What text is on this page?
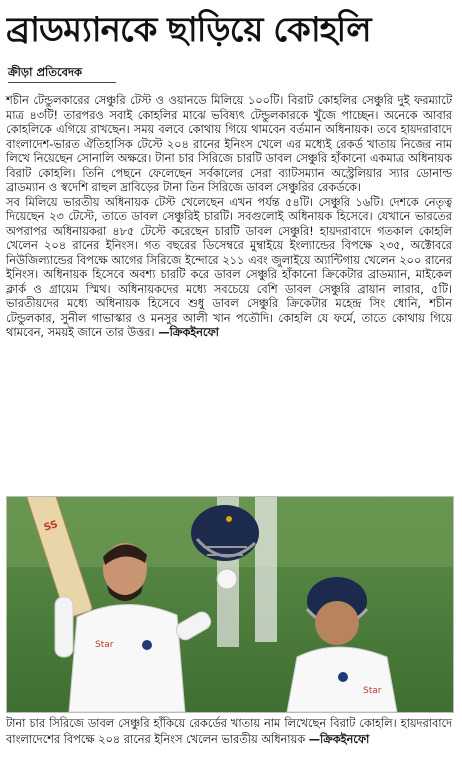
ব্রাডম্যানকে ছাড়িয়ে কোহলি
ক্রীড়া প্রতিবেদক

শচীন টেন্ডুলকারের সেঞ্চুরি টেস্ট ও ওয়ানডে মিলিয়ে ১০০টি। বিরাট কোহলির সেঞ্চুরি দুই ফরম্যাটে মাত্র ৪৩টি! তারপরও সবাই কোহলির মাঝে ভবিষ্যৎ টেন্ডুলকারকে খুঁজে পাচ্ছেন। অনেকে আবার কোহলিকে এগিয়ে রাখছেন। সময় বলবে কোথায় গিয়ে থামবেন বর্তমান অধিনায়ক। তবে হায়দরাবাদে বাংলাদেশ-ভারত ঐতিহাসিক টেস্টে ২০৪ রানের ইনিংস খেলে এর মধ্যেই রেকর্ড খাতায় নিজের নাম লিখে নিয়েছেন সোনালি অক্ষরে। টানা চার সিরিজে চারটি ডাবল সেঞ্চুরি হাঁকানো একমাত্র অধিনায়ক বিরাট কোহলি। তিনি পেছনে ফেলেছেন সর্বকালের সেরা ব্যাটসম্যান অস্ট্রেলিয়ার স্যার ডোনাল্ড ব্রাডম্যান ও স্বদেশি রাহুল দ্রাবিড়ের টানা তিন সিরিজে ডাবল সেঞ্চুরির রেকর্ডকে।

সব মিলিয়ে ভারতীয় অধিনায়ক টেস্ট খেলেছেন এখন পর্যন্ত ৫৪টি। সেঞ্চুরি ১৬টি। দেশকে নেতৃত্ব দিয়েছেন ২৩ টেস্টে, তাতে ডাবল সেঞ্চুরিই চারটি। সবগুলোই অধিনায়ক হিসেবে। যেখানে ভারতের অপরাপর অধিনায়করা ৪৮৫ টেস্টে করেছেন চারটি ডাবল সেঞ্চুরি! হায়দরাবাদে গতকাল কোহলি খেলেন ২০৪ রানের ইনিংস। গত বছরের ডিসেম্বরে মুম্বাইয়ে ইংল্যান্ডের বিপক্ষে ২৩৫, অক্টোবরে নিউজিল্যান্ডের বিপক্ষে আগের সিরিজে ইন্দোরে ২১১ এবং জুলাইয়ে অ্যান্টিগায় খেলেন ২০০ রানের ইনিংস। অধিনায়ক হিসেবে অবশ্য চারটি করে ডাবল সেঞ্চুরি হাঁকানো ক্রিকেটার ব্রাডম্যান, মাইকেল ক্লার্ক ও গ্রায়েম স্মিথ। অধিনায়কদের মধ্যে সবচেয়ে বেশি ডাবল সেঞ্চুরি ব্রায়ান লারার, ৫টি। ভারতীয়দের মধ্যে অধিনায়ক হিসেবে শুধু ডাবল সেঞ্চুরি ক্রিকেটার মহেন্দ্র সিং ধোনি, শচীন টেন্ডুলকার, সুনীল গাভাস্কার ও মনসুর আলী খান পতৌদি। কোহলি যে ফর্মে, তাতে কোথায় গিয়ে থামবেন, সময়ই জানে তার উত্তর। —ক্রিকইনফো

SS
Star
Star
টানা চার সিরিজে ডাবল সেঞ্চুরি হাঁকিয়ে রেকর্ডের খাতায় নাম লিখেছেন বিরাট কোহলি। হায়দরাবাদে বাংলাদেশের বিপক্ষে ২০৪ রানের ইনিংস খেলেন ভারতীয় অধিনায়ক —ক্রিকইনফো
